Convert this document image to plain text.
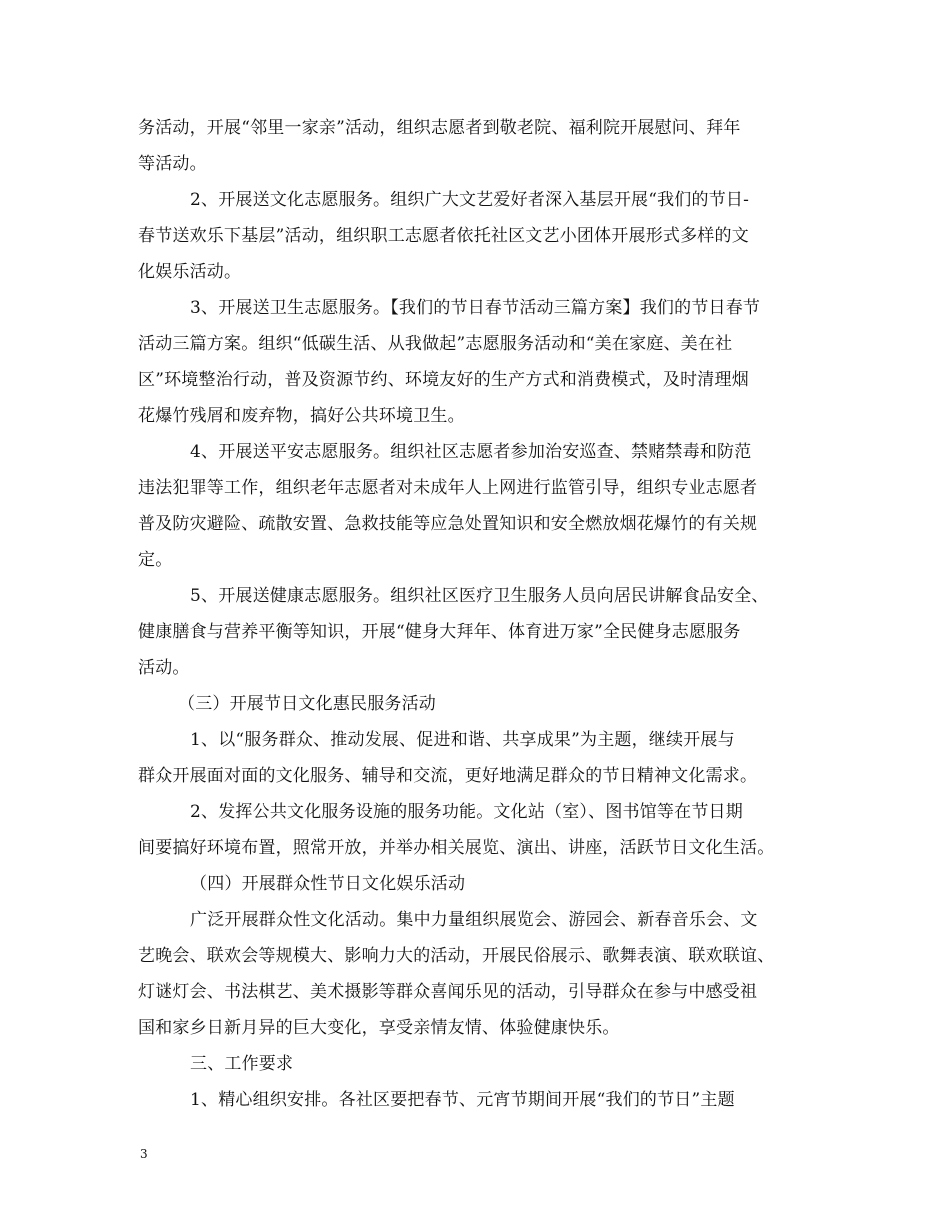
务活动，开展“邻里一家亲”活动，组织志愿者到敬老院、福利院开展慰问、拜年
等活动。
2、开展送文化志愿服务。组织广大文艺爱好者深入基层开展“我们的节日-
春节送欢乐下基层”活动，组织职工志愿者依托社区文艺小团体开展形式多样的文
化娱乐活动。
3、开展送卫生志愿服务。【我们的节日春节活动三篇方案】我们的节日春节
活动三篇方案。组织“低碳生活、从我做起”志愿服务活动和“美在家庭、美在社
区”环境整治行动，普及资源节约、环境友好的生产方式和消费模式，及时清理烟
花爆竹残屑和废弃物，搞好公共环境卫生。
4、开展送平安志愿服务。组织社区志愿者参加治安巡查、禁赌禁毒和防范
违法犯罪等工作，组织老年志愿者对未成年人上网进行监管引导，组织专业志愿者
普及防灾避险、疏散安置、急救技能等应急处置知识和安全燃放烟花爆竹的有关规
定。
5、开展送健康志愿服务。组织社区医疗卫生服务人员向居民讲解食品安全、
健康膳食与营养平衡等知识，开展“健身大拜年、体育进万家”全民健身志愿服务
活动。
（三）开展节日文化惠民服务活动
1、以“服务群众、推动发展、促进和谐、共享成果”为主题，继续开展与
群众开展面对面的文化服务、辅导和交流，更好地满足群众的节日精神文化需求。
2、发挥公共文化服务设施的服务功能。文化站（室）、图书馆等在节日期
间要搞好环境布置，照常开放，并举办相关展览、演出、讲座，活跃节日文化生活。
（四）开展群众性节日文化娱乐活动
广泛开展群众性文化活动。集中力量组织展览会、游园会、新春音乐会、文
艺晚会、联欢会等规模大、影响力大的活动，开展民俗展示、歌舞表演、联欢联谊、
灯谜灯会、书法棋艺、美术摄影等群众喜闻乐见的活动，引导群众在参与中感受祖
国和家乡日新月异的巨大变化，享受亲情友情、体验健康快乐。
三、工作要求
1、精心组织安排。各社区要把春节、元宵节期间开展“我们的节日”主题
3
